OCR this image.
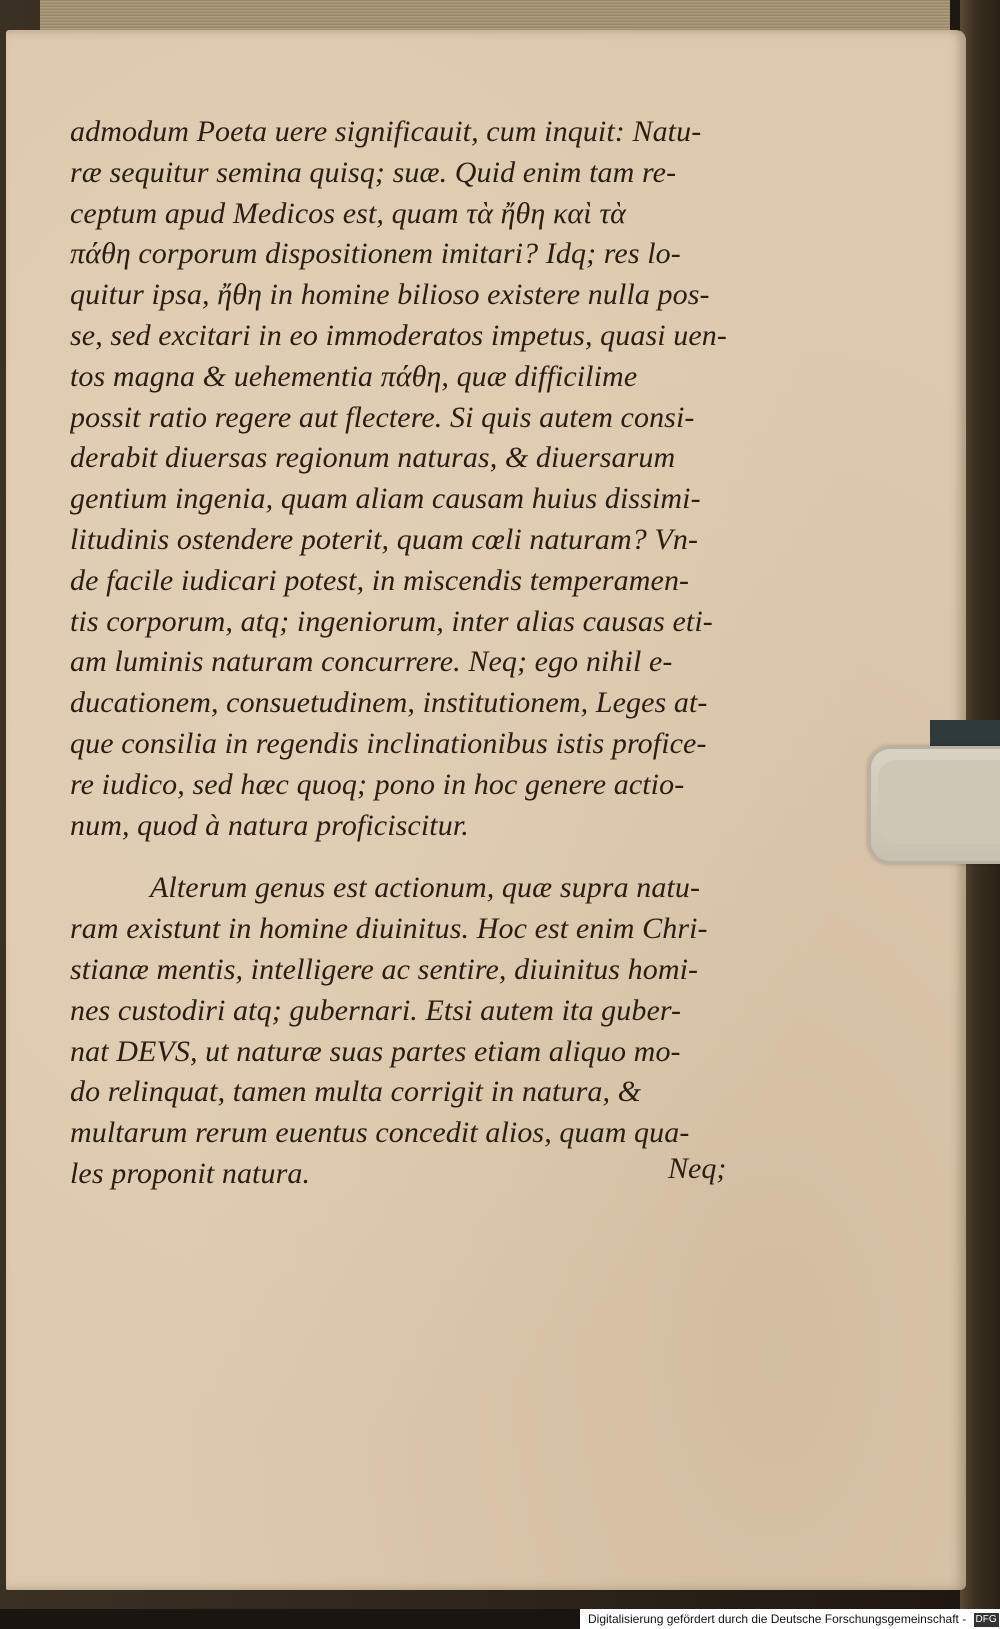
admodum Poeta uere significauit, cum inquit: Natu-
ræ sequitur semina quisq; suæ. Quid enim tam re-
ceptum apud Medicos est, quam τὰ ἤθη καὶ τὰ
πάθη corporum dispositionem imitari? Idq; res lo-
quitur ipsa, ἤθη in homine bilioso existere nulla pos-
se, sed excitari in eo immoderatos impetus, quasi uen-
tos magna & uehementia πάθη, quæ difficilime
possit ratio regere aut flectere. Si quis autem consi-
derabit diuersas regionum naturas, & diuersarum
gentium ingenia, quam aliam causam huius dissimi-
litudinis ostendere poterit, quam cœli naturam? Vn-
de facile iudicari potest, in miscendis temperamen-
tis corporum, atq; ingeniorum, inter alias causas eti-
am luminis naturam concurrere. Neq; ego nihil e-
ducationem, consuetudinem, institutionem, Leges at-
que consilia in regendis inclinationibus istis profice-
re iudico, sed hæc quoq; pono in hoc genere actio-
num, quod à natura proficiscitur.
Alterum genus est actionum, quæ supra natu-
ram existunt in homine diuinitus. Hoc est enim Chri-
stianæ mentis, intelligere ac sentire, diuinitus homi-
nes custodiri atq; gubernari. Etsi autem ita guber-
nat DEVS, ut naturæ suas partes etiam aliquo mo-
do relinquat, tamen multa corrigit in natura, &
multarum rerum euentus concedit alios, quam qua-
les proponit natura.	Neq;
Digitalisierung gefördert durch die Deutsche Forschungsgemeinschaft - DFG
